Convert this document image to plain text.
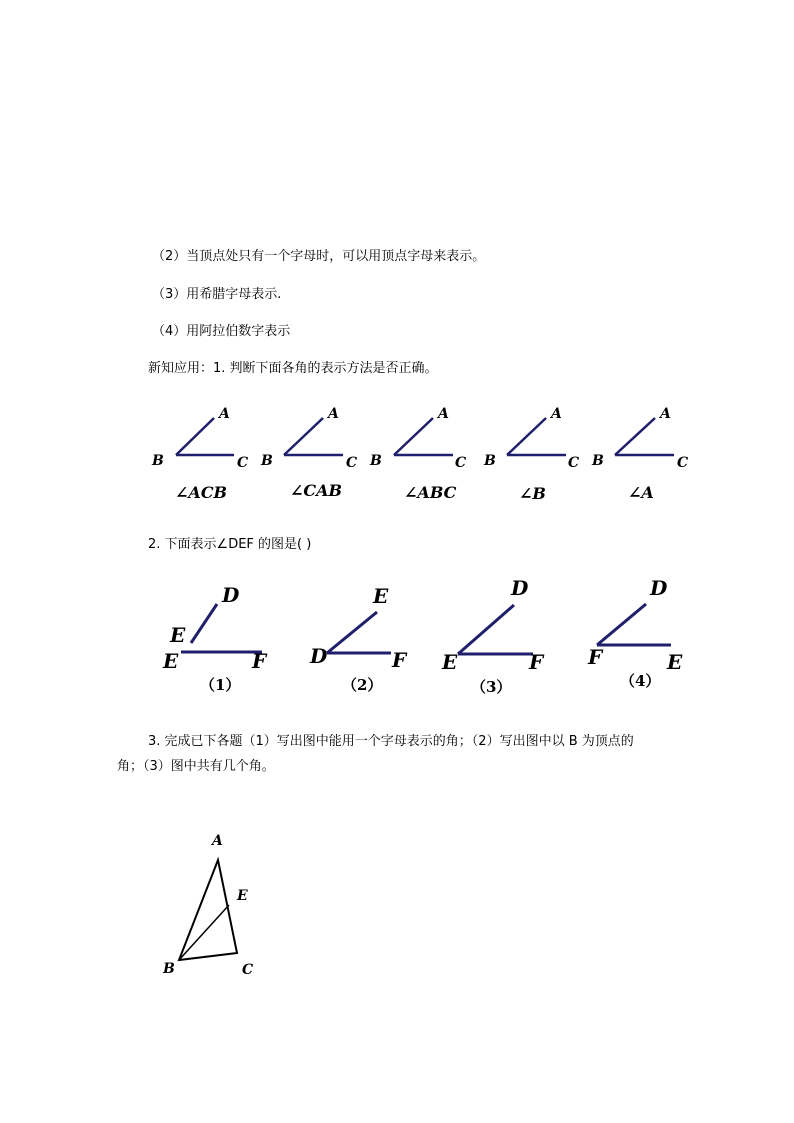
（2）当顶点处只有一个字母时，可以用顶点字母来表示。
（3）用希腊字母表示.
（4）用阿拉伯数字表示
新知应用：1. 判断下面各角的表示方法是否正确。
B
A
C
∠ACB
B
A
C
∠CAB
B
A
C
∠ABC
B
A
C
∠B
B
A
C
∠A
2. 下面表示∠DEF 的图是( )
D
E
E	F
（1）
E
D	F
（2）
D
E	F
（3）
D
F	E
（4）
3. 完成已下各题（1）写出图中能用一个字母表示的角；（2）写出图中以 B 为顶点的
角；（3）图中共有几个角。
A
E
B	C
